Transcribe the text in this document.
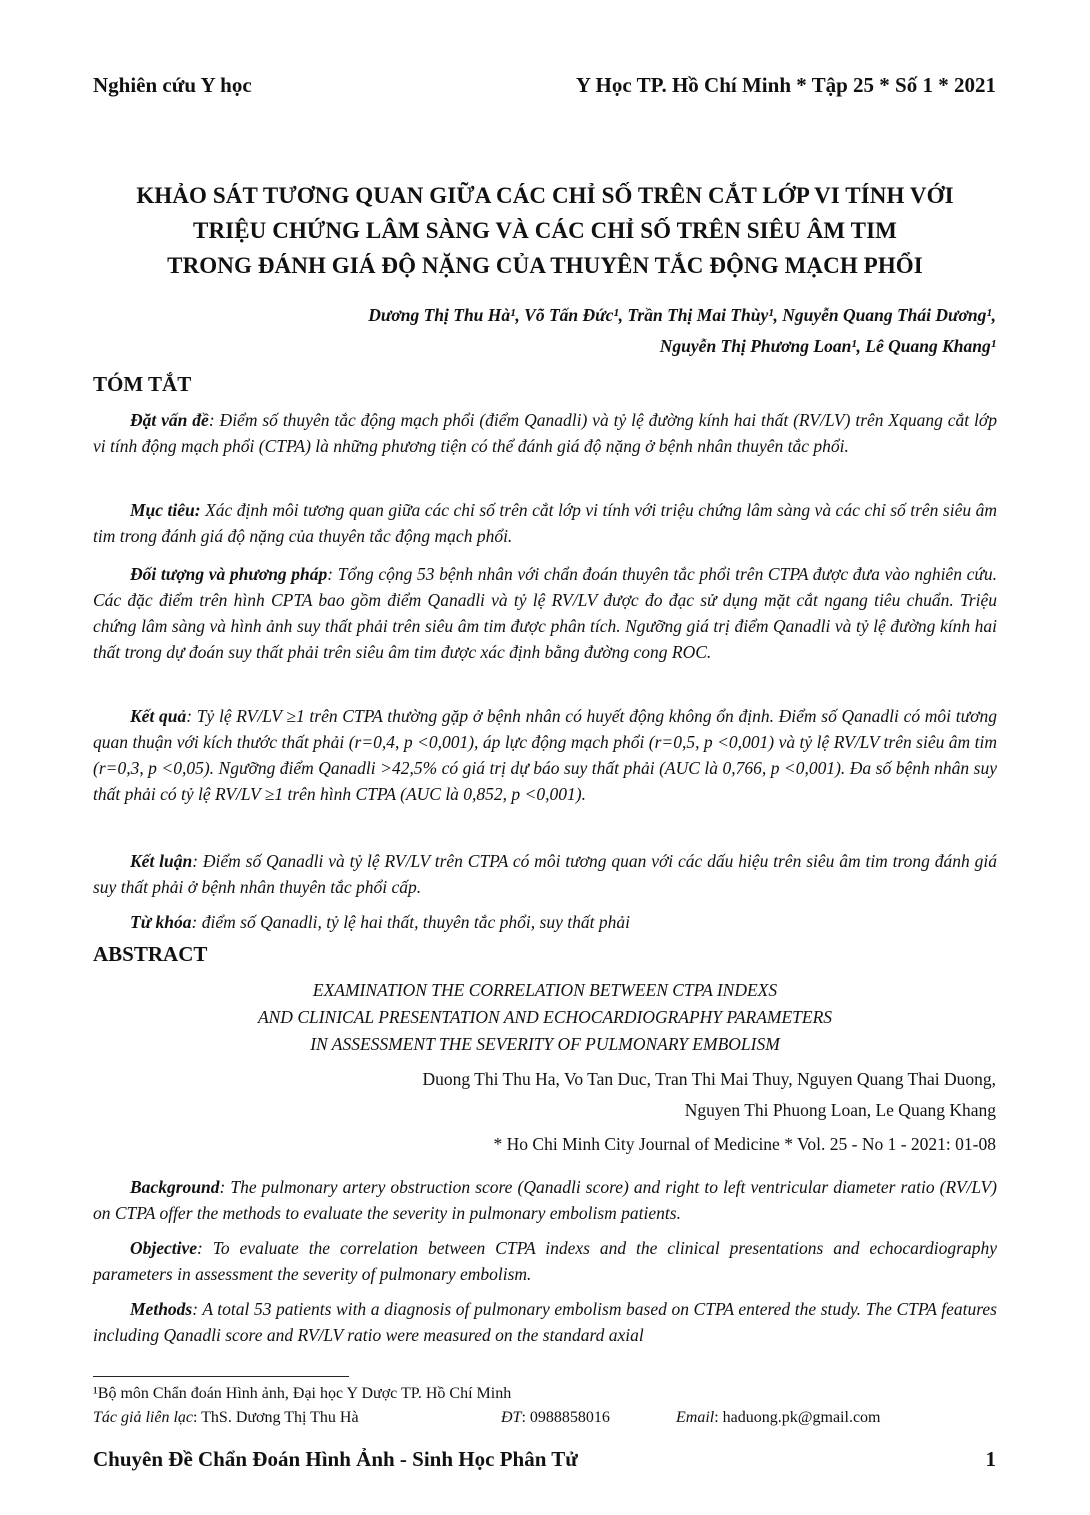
Nghiên cứu Y học	Y Học TP. Hồ Chí Minh * Tập 25 * Số 1 * 2021
KHẢO SÁT TƯƠNG QUAN GIỮA CÁC CHỈ SỐ TRÊN CẮT LỚP VI TÍNH VỚI
TRIỆU CHỨNG LÂM SÀNG VÀ CÁC CHỈ SỐ TRÊN SIÊU ÂM TIM
TRONG ĐÁNH GIÁ ĐỘ NẶNG CỦA THUYÊN TẮC ĐỘNG MẠCH PHỔI
Dương Thị Thu Hà¹, Võ Tấn Đức¹, Trần Thị Mai Thùy¹, Nguyễn Quang Thái Dương¹,
Nguyễn Thị Phương Loan¹, Lê Quang Khang¹
TÓM TẮT
Đặt vấn đề: Điểm số thuyên tắc động mạch phổi (điểm Qanadli) và tỷ lệ đường kính hai thất (RV/LV) trên Xquang cắt lớp vi tính động mạch phổi (CTPA) là những phương tiện có thể đánh giá độ nặng ở bệnh nhân thuyên tắc phổi.
Mục tiêu: Xác định môi tương quan giữa các chỉ số trên cắt lớp vi tính với triệu chứng lâm sàng và các chỉ số trên siêu âm tim trong đánh giá độ nặng của thuyên tắc động mạch phổi.
Đối tượng và phương pháp: Tổng cộng 53 bệnh nhân với chẩn đoán thuyên tắc phổi trên CTPA được đưa vào nghiên cứu. Các đặc điểm trên hình CPTA bao gồm điểm Qanadli và tỷ lệ RV/LV được đo đạc sử dụng mặt cắt ngang tiêu chuẩn. Triệu chứng lâm sàng và hình ảnh suy thất phải trên siêu âm tim được phân tích. Ngưỡng giá trị điểm Qanadli và tỷ lệ đường kính hai thất trong dự đoán suy thất phải trên siêu âm tim được xác định bằng đường cong ROC.
Kết quả: Tỷ lệ RV/LV ≥1 trên CTPA thường gặp ở bệnh nhân có huyết động không ổn định. Điểm số Qanadli có môi tương quan thuận với kích thước thất phải (r=0,4, p <0,001), áp lực động mạch phổi (r=0,5, p <0,001) và tỷ lệ RV/LV trên siêu âm tim (r=0,3, p <0,05). Ngưỡng điểm Qanadli >42,5% có giá trị dự báo suy thất phải (AUC là 0,766, p <0,001). Đa số bệnh nhân suy thất phải có tỷ lệ RV/LV ≥1 trên hình CTPA (AUC là 0,852, p <0,001).
Kết luận: Điểm số Qanadli và tỷ lệ RV/LV trên CTPA có môi tương quan với các dấu hiệu trên siêu âm tim trong đánh giá suy thất phải ở bệnh nhân thuyên tắc phổi cấp.
Từ khóa: điểm số Qanadli, tỷ lệ hai thất, thuyên tắc phổi, suy thất phải
ABSTRACT
EXAMINATION THE CORRELATION BETWEEN CTPA INDEXS
AND CLINICAL PRESENTATION AND ECHOCARDIOGRAPHY PARAMETERS
IN ASSESSMENT THE SEVERITY OF PULMONARY EMBOLISM
Duong Thi Thu Ha, Vo Tan Duc, Tran Thi Mai Thuy, Nguyen Quang Thai Duong,
Nguyen Thi Phuong Loan, Le Quang Khang
* Ho Chi Minh City Journal of Medicine * Vol. 25 - No 1 - 2021: 01-08
Background: The pulmonary artery obstruction score (Qanadli score) and right to left ventricular diameter ratio (RV/LV) on CTPA offer the methods to evaluate the severity in pulmonary embolism patients.
Objective: To evaluate the correlation between CTPA indexs and the clinical presentations and echocardiography parameters in assessment the severity of pulmonary embolism.
Methods: A total 53 patients with a diagnosis of pulmonary embolism based on CTPA entered the study. The CTPA features including Qanadli score and RV/LV ratio were measured on the standard axial
¹Bộ môn Chẩn đoán Hình ảnh, Đại học Y Dược TP. Hồ Chí Minh
Tác giả liên lạc: ThS. Dương Thị Thu Hà	ĐT: 0988858016	Email: haduong.pk@gmail.com
Chuyên Đề Chẩn Đoán Hình Ảnh - Sinh Học Phân Tử	1
